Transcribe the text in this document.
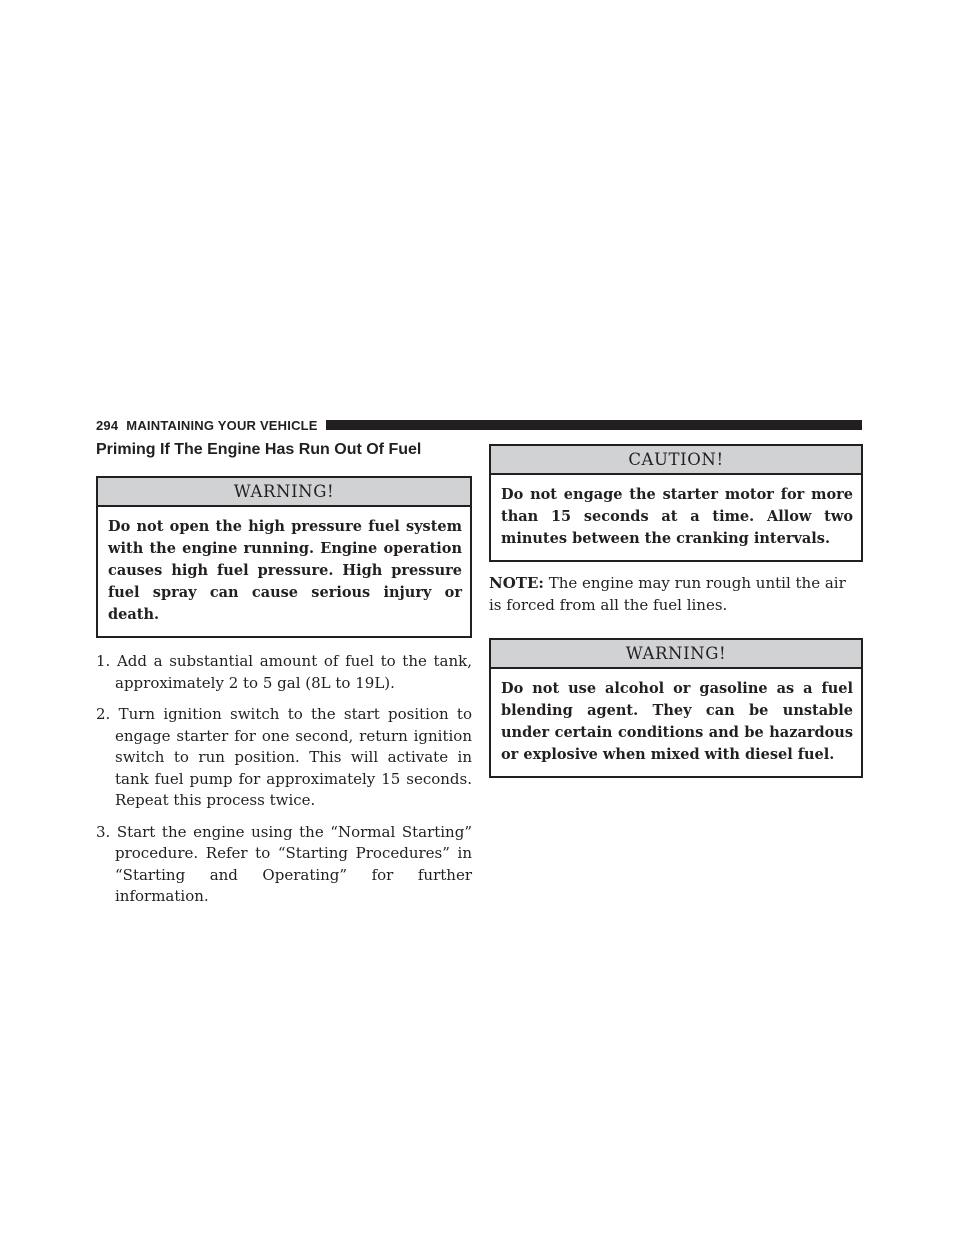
294 MAINTAINING YOUR VEHICLE
Priming If The Engine Has Run Out Of Fuel
WARNING!
Do not open the high pressure fuel system with the engine running. Engine operation causes high fuel pressure. High pressure fuel spray can cause serious injury or death.
1. Add a substantial amount of fuel to the tank, approximately 2 to 5 gal (8L to 19L).
2. Turn ignition switch to the start position to engage starter for one second, return ignition switch to run position. This will activate in tank fuel pump for approximately 15 seconds. Repeat this process twice.
3. Start the engine using the “Normal Starting” procedure. Refer to “Starting Procedures” in “Starting and Operating” for further information.
CAUTION!
Do not engage the starter motor for more than 15 seconds at a time. Allow two minutes between the cranking intervals.

NOTE: The engine may run rough until the air is forced from all the fuel lines.

WARNING!
Do not use alcohol or gasoline as a fuel blending agent. They can be unstable under certain conditions and be hazardous or explosive when mixed with diesel fuel.
